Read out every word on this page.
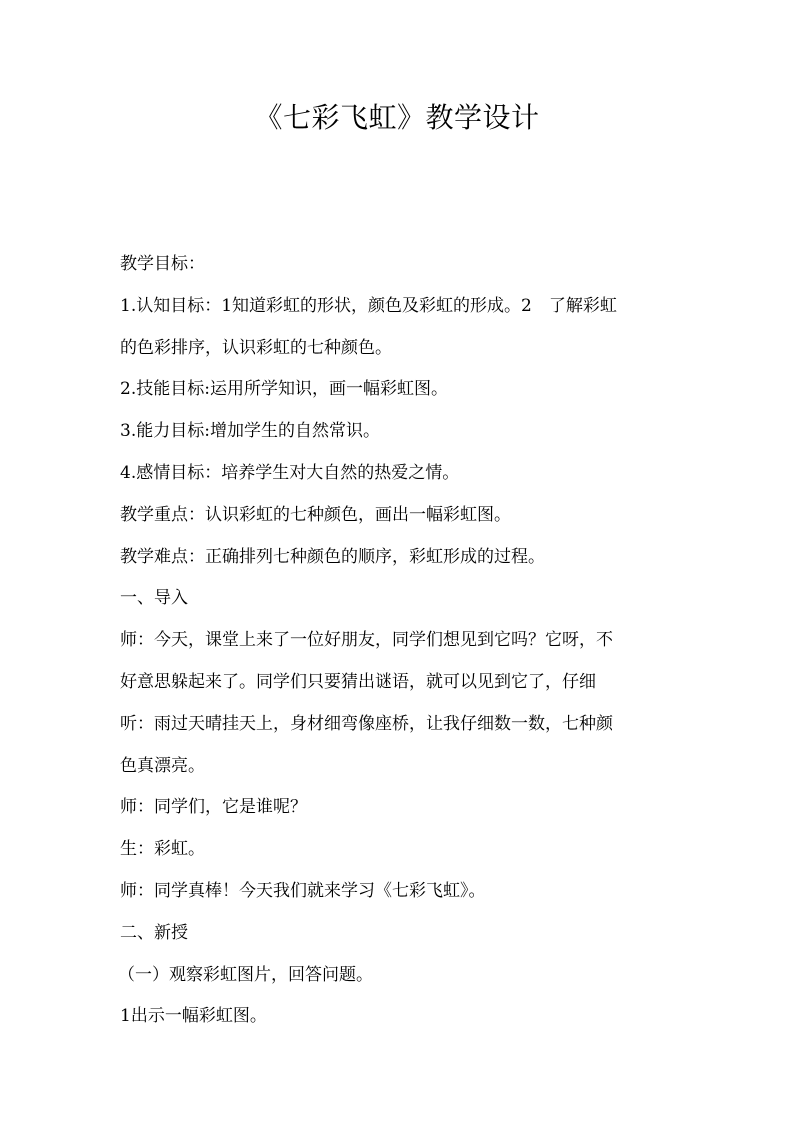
《七彩飞虹》教学设计
教学目标：
1.认知目标：1知道彩虹的形状，颜色及彩虹的形成。2　了解彩虹
的色彩排序，认识彩虹的七种颜色。
2.技能目标:运用所学知识，画一幅彩虹图。
3.能力目标:增加学生的自然常识。
4.感情目标：培养学生对大自然的热爱之情。
教学重点：认识彩虹的七种颜色，画出一幅彩虹图。
教学难点：正确排列七种颜色的顺序，彩虹形成的过程。
一、导入
师：今天，课堂上来了一位好朋友，同学们想见到它吗？它呀，不
好意思躲起来了。同学们只要猜出谜语，就可以见到它了，仔细
听：雨过天晴挂天上，身材细弯像座桥，让我仔细数一数，七种颜
色真漂亮。
师：同学们，它是谁呢？
生：彩虹。
师：同学真棒！今天我们就来学习《七彩飞虹》。
二、新授
（一）观察彩虹图片，回答问题。
1出示一幅彩虹图。
